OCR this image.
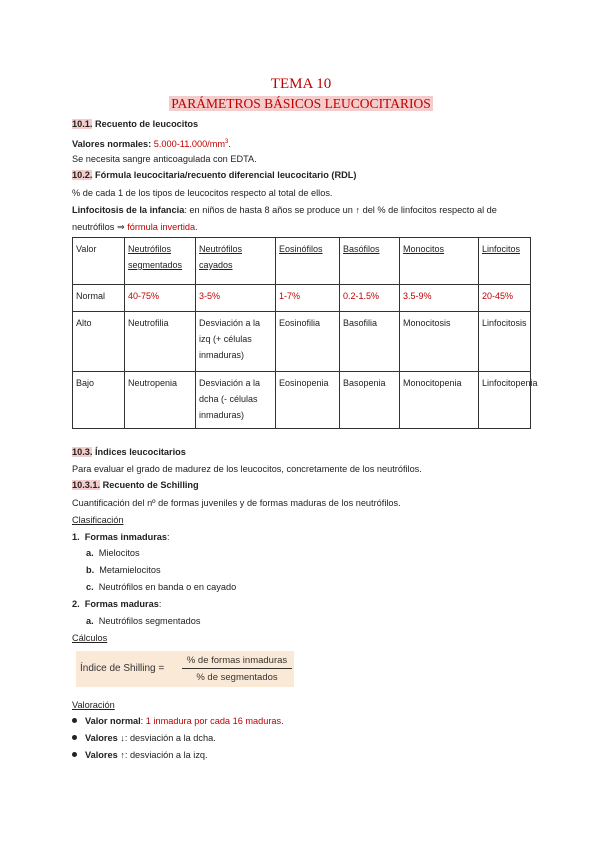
TEMA 10
PARÁMETROS BÁSICOS LEUCOCITARIOS
10.1. Recuento de leucocitos
Valores normales: $5.000-11.000/mm^3$.
Se necesita sangre anticoagulada con EDTA.
10.2. Fórmula leucocitaria/recuento diferencial leucocitario (RDL)
% de cada 1 de los tipos de leucocitos respecto al total de ellos.
Linfocitosis de la infancia: en niños de hasta 8 años se produce un ↑ del % de linfocitos respecto al de
neutrófilos ⇒ fórmula invertida.
Valor	Neutrófilos segmentados	Neutrófilos cayados	Eosinófilos	Basófilos	Monocitos	Linfocitos
Normal	40-75%	3-5%	1-7%	0.2-1.5%	3.5-9%	20-45%
Alto	Neutrofilia	Desviación a la izq (+ células inmaduras)	Eosinofilia	Basofilia	Monocitosis	Linfocitosis
Bajo	Neutropenia	Desviación a la dcha (- células inmaduras)	Eosinopenia	Basopenia	Monocitopenia	Linfocitopenia
10.3. Índices leucocitarios
Para evaluar el grado de madurez de los leucocitos, concretamente de los neutrófilos.
10.3.1. Recuento de Schilling
Cuantificación del nº de formas juveniles y de formas maduras de los neutrófilos.
Clasificación
1. Formas inmaduras:
a. Mielocitos
b. Metamielocitos
c. Neutrófilos en banda o en cayado
2. Formas maduras:
a. Neutrófilos segmentados
Cálculos
Índice de Shilling =
% de formas inmaduras
% de segmentados
Valoración
Valor normal: 1 inmadura por cada 16 maduras.
Valores ↓: desviación a la dcha.
Valores ↑: desviación a la izq.
